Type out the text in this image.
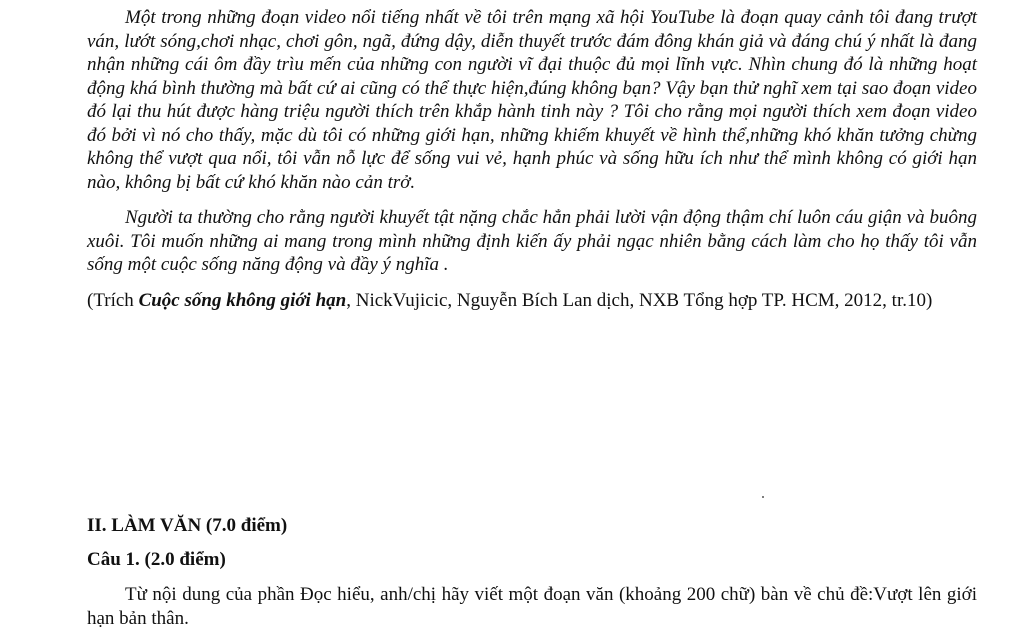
Một trong những đoạn video nổi tiếng nhất về tôi trên mạng xã hội YouTube là đoạn quay cảnh tôi đang trượt ván, lướt sóng,chơi nhạc, chơi gôn, ngã, đứng dậy, diễn thuyết trước đám đông khán giả và đáng chú ý nhất là đang nhận những cái ôm đầy trìu mến của những con người vĩ đại thuộc đủ mọi lĩnh vực. Nhìn chung đó là những hoạt động khá bình thường mà bất cứ ai cũng có thể thực hiện,đúng không bạn? Vậy bạn thử nghĩ xem tại sao đoạn video đó lại thu hút được hàng triệu người thích trên khắp hành tinh này ? Tôi cho rằng mọi người thích xem đoạn video đó bởi vì nó cho thấy, mặc dù tôi có những giới hạn, những khiếm khuyết về hình thể,những khó khăn tưởng chừng không thể vượt qua nổi, tôi vẫn nỗ lực để sống vui vẻ, hạnh phúc và sống hữu ích như thể mình không có giới hạn nào, không bị bất cứ khó khăn nào cản trở.

Người ta thường cho rằng người khuyết tật nặng chắc hẳn phải lười vận động thậm chí luôn cáu giận và buông xuôi. Tôi muốn những ai mang trong mình những định kiến ấy phải ngạc nhiên bằng cách làm cho họ thấy tôi vẫn sống một cuộc sống năng động và đầy ý nghĩa .

(Trích Cuộc sống không giới hạn, NickVujicic, Nguyễn Bích Lan dịch, NXB Tổng hợp TP. HCM, 2012, tr.10)

II. LÀM VĂN (7.0 điểm)

Câu 1. (2.0 điểm)

Từ nội dung của phần Đọc hiểu, anh/chị hãy viết một đoạn văn (khoảng 200 chữ) bàn về chủ đề:Vượt lên giới hạn bản thân.
